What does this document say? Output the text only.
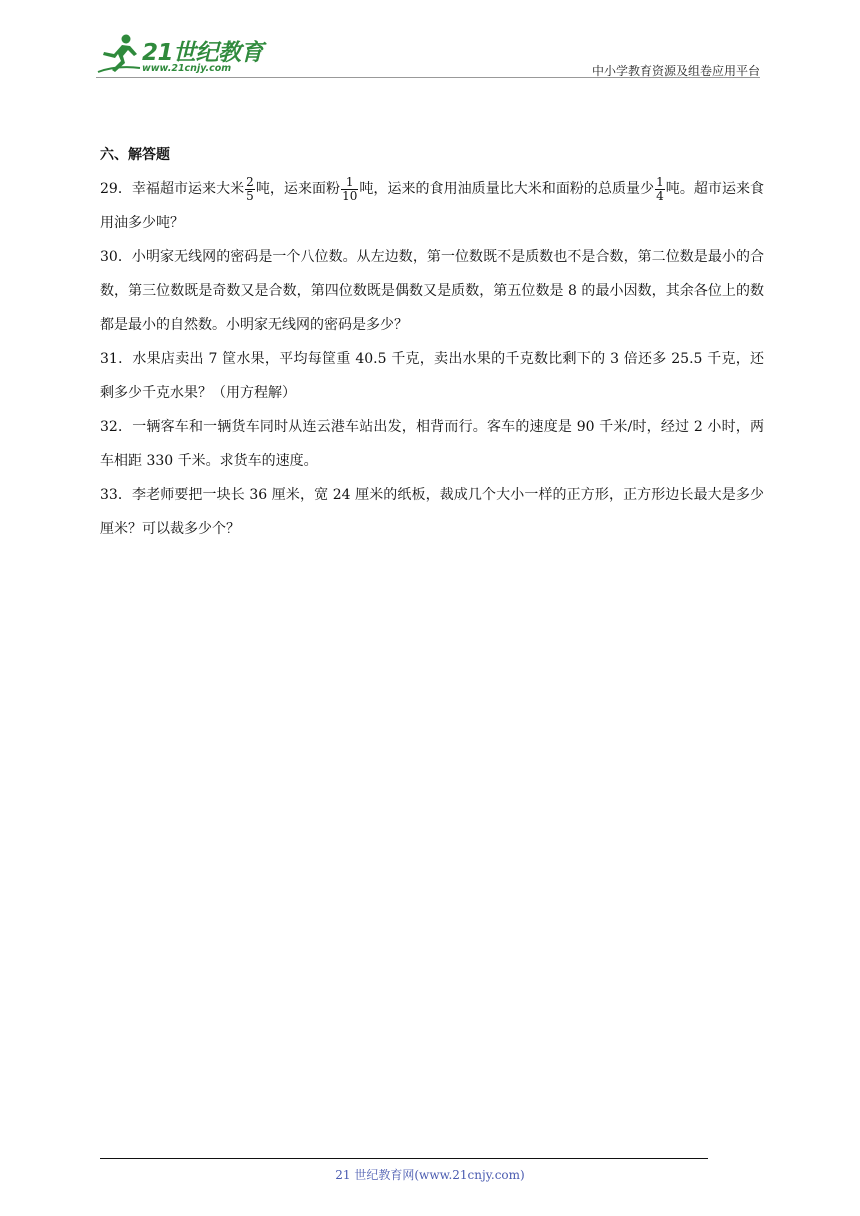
21世纪教育
www.21cnjy.com	中小学教育资源及组卷应用平台
六、解答题
29．幸福超市运来大米 $\frac{2}{5}$ 吨，运来面粉 $\frac{1}{10}$ 吨，运来的食用油质量比大米和面粉的总质量少 $\frac{1}{4}$ 吨。超市运来食用油多少吨？
30．小明家无线网的密码是一个八位数。从左边数，第一位数既不是质数也不是合数，第二位数是最小的合数，第三位数既是奇数又是合数，第四位数既是偶数又是质数，第五位数是 8 的最小因数，其余各位上的数都是最小的自然数。小明家无线网的密码是多少？
31．水果店卖出 7 筐水果，平均每筐重 40.5 千克，卖出水果的千克数比剩下的 3 倍还多 25.5 千克，还剩多少千克水果？（用方程解）
32．一辆客车和一辆货车同时从连云港车站出发，相背而行。客车的速度是 90 千米/时，经过 2 小时，两车相距 330 千米。求货车的速度。
33．李老师要把一块长 36 厘米，宽 24 厘米的纸板，裁成几个大小一样的正方形，正方形边长最大是多少厘米？可以裁多少个？
21 世纪教育网(www.21cnjy.com)
